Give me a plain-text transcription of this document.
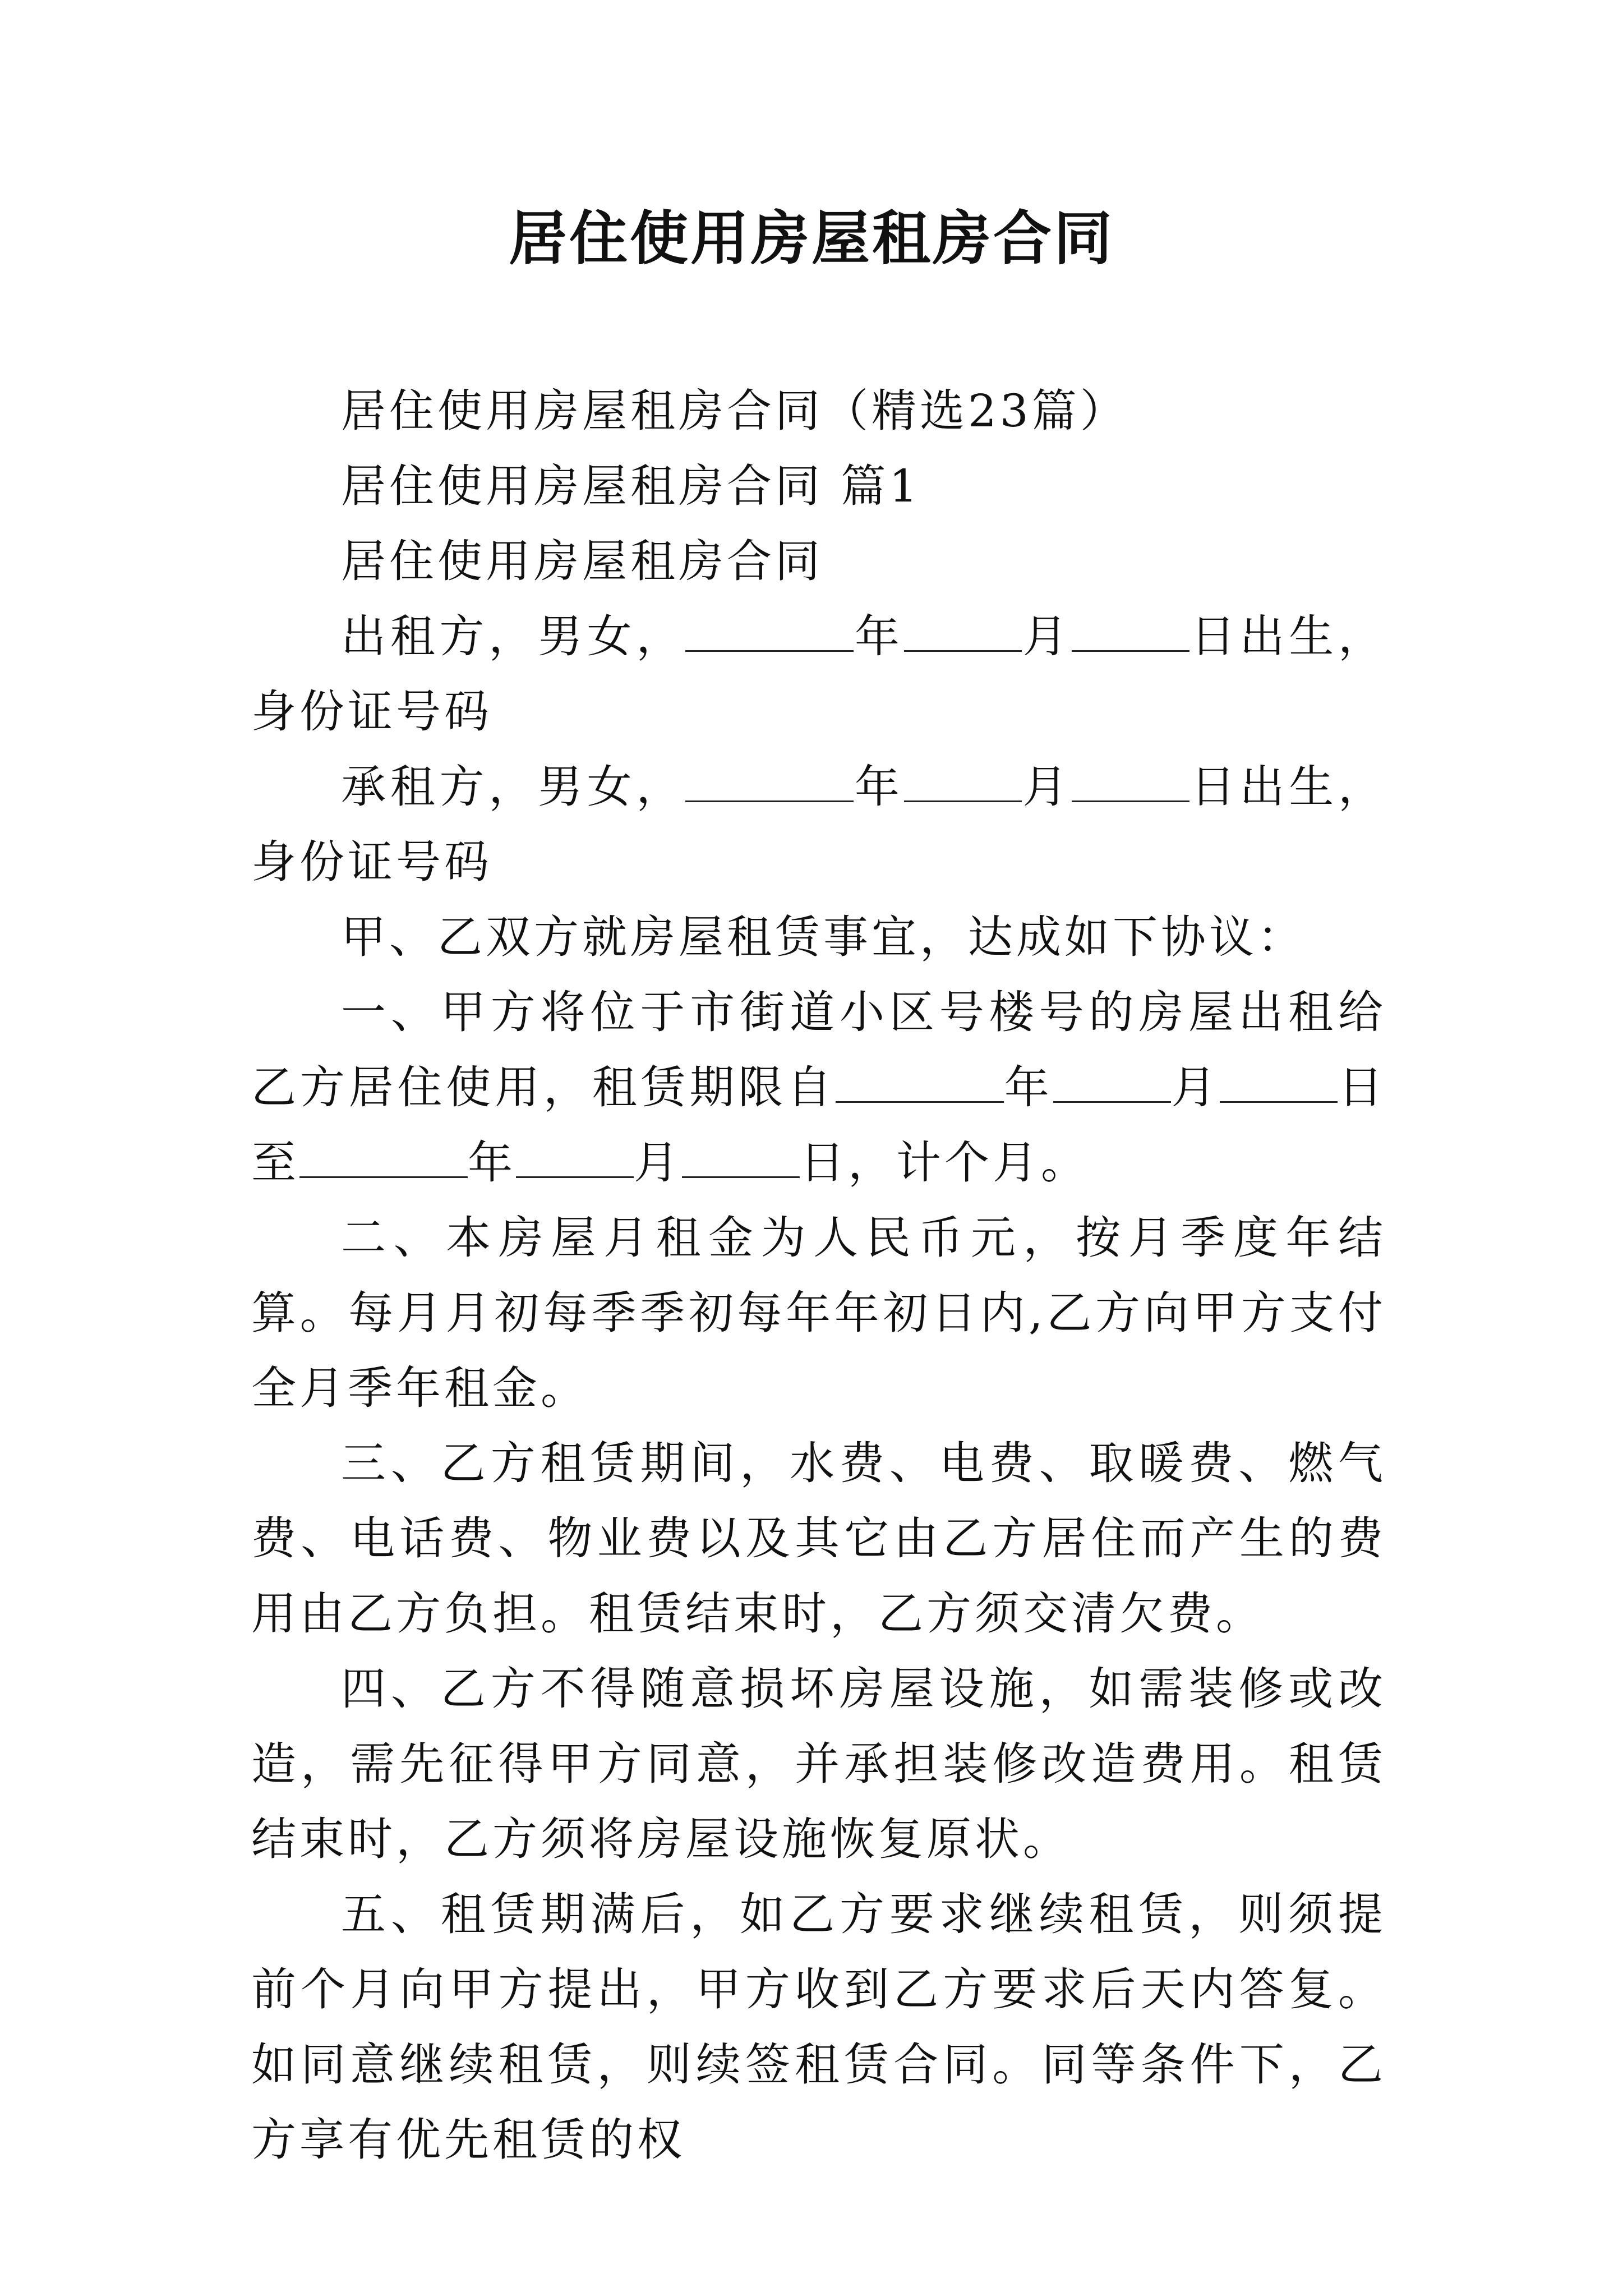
居住使用房屋租房合同

居住使用房屋租房合同（精选23篇）

居住使用房屋租房合同 篇1

居住使用房屋租房合同

出租方，男女，	年	月	日出生，身份证号码

承租方，男女，	年	月	日出生，身份证号码

甲、乙双方就房屋租赁事宜，达成如下协议：

一、甲方将位于市街道小区号楼号的房屋出租给乙方居住使用，租赁期限自	年	月	日至	年	月	日，计个月。

二、本房屋月租金为人民币元，按月季度年结算。每月月初每季季初每年年初日内,乙方向甲方支付全月季年租金。

三、乙方租赁期间，水费、电费、取暖费、燃气费、电话费、物业费以及其它由乙方居住而产生的费用由乙方负担。租赁结束时，乙方须交清欠费。

四、乙方不得随意损坏房屋设施，如需装修或改造，需先征得甲方同意，并承担装修改造费用。租赁结束时，乙方须将房屋设施恢复原状。

五、租赁期满后，如乙方要求继续租赁，则须提前个月向甲方提出，甲方收到乙方要求后天内答复。如同意继续租赁，则续签租赁合同。同等条件下，乙方享有优先租赁的权
